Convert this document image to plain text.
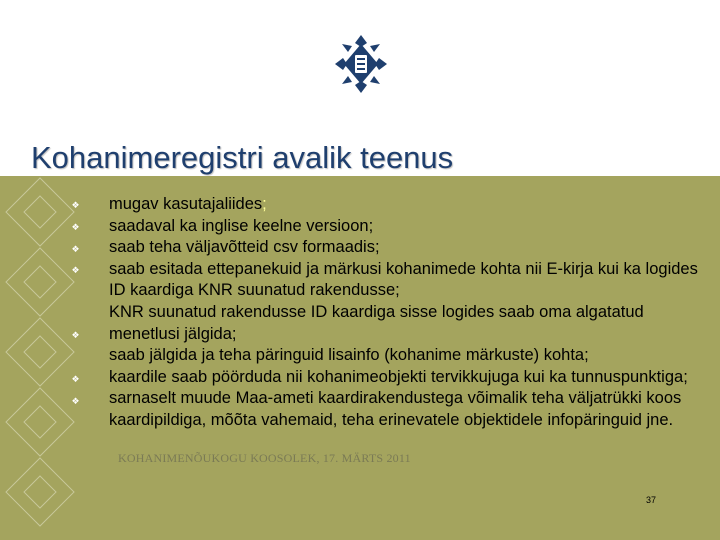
Kohanimeregistri avalik teenus
❖
❖
❖
❖
❖
❖
❖
KOHANIMENÕUKOGU KOOSOLEK, 17. MÄRTS 2011
mugav kasutajaliides;
saadaval ka inglise keelne versioon;
saab teha väljavõtteid csv formaadis;
saab esitada ettepanekuid ja märkusi kohanimede kohta nii E-kirja kui ka logides ID kaardiga KNR suunatud rakendusse;
KNR suunatud rakendusse ID kaardiga sisse logides saab oma algatatud menetlusi jälgida;
saab jälgida ja teha päringuid lisainfo (kohanime märkuste) kohta;
kaardile saab pöörduda nii kohanimeobjekti tervikkujuga kui ka tunnuspunktiga;
sarnaselt muude Maa-ameti kaardirakendustega võimalik teha väljatrükki koos kaardipildiga, mõõta vahemaid, teha erinevatele objektidele infopäringuid jne.
37
